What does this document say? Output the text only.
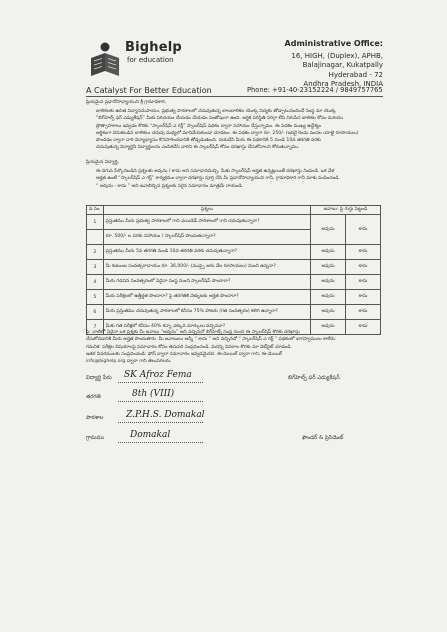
Bighelp
for education
A Catalyst For Better Education
Administrative Office:
16, HIGH, (Duplex), APHB,
Balajinagar, Kukatpally
Hyderabad - 72
Andhra Pradesh, INDIA
Phone: +91-40-23152224 / 9849757765
ప్రియమైన ప్రధానోపాధ్యాయుని శ్రీ గ్రామాధికారి,
బాలికలకు ఉచిత విద్యాసదుపాయం, ప్రభుత్వ పాఠశాలలో చదువుతున్న బాలబాలికల యొక్క విద్యకు తోడ్పాటునందించే సంస్థ మా యొక్క
“బిగ్‌హెల్ప్ ఫర్ ఎడ్యుకేషన్” మీకు పరిచయం చేయడం చేయడం సంతోషంగా ఉంది. ఆర్థిక పరిస్థితి సరిగ్గా లేని నిరుపేద బాలికల కోసం మరియు
ప్రోత్సాహకాలు ఇవ్వడం కొరకు “స్కాలర్‌షిప్ ఎ గర్ల్” స్కాలర్‌షిప్ పథకం ద్వారా సహాయం చేస్తున్నాము. ఈ పథకం ముఖ్య ఉద్దేశ్యం
ఆర్థికంగా వెనుకబడిన బాలికలు చదువు మధ్యలో మానివేయకుండా చూడటం. ఈ పథకం ద్వారా రూ. 250/- (ఇరవై రెండు వందల యాభై రూపాయలు)
పొందడం ద్వారా వారి విద్యాభ్యాసం కొనసాగించడానికి తోడ్పడుతుంది. దయచేసి మీరు ఈ పథకానికి 5 నుండి 10వ తరగతి వరకు
చదువుతున్న విద్యార్థినీ విద్యార్థులను ఎంపికచేసి వారిని ఈ స్కాలర్‌షిప్ కోసం దరఖాస్తు చేసుకోవాలని కోరుతున్నాము.
ప్రియమైన విద్యార్థి,
ఈ దిగువ పేర్కొనబడిన ప్రశ్నలకు అవును / కాదు అని సమాధానమిచ్చి, మీకు స్కాలర్‌షిప్ అర్హత ఉన్నట్లయితే దరఖాస్తు నింపండి. ఒక వేళ
అర్హత ఉంటే “స్కాలర్‌షిప్ ఎ గర్ల్” కార్యక్రమం ద్వారా దరఖాస్తు పూర్తి చేసి మీ ప్రధానోపాధ్యాయుని గానీ, గ్రామాధికారి గానీ మాకు పంపించండి.
“ అవును - కాదు ” అని జవాబిచ్చిన ప్రశ్నలకు సరైన సమాధానం మాత్రమే రాయండి.
వ.సం.	ప్రశ్నలు	జవాబు: పై గుర్తు పెట్టండి	
1	ప్రస్తుతము మీరు ప్రభుత్వ పాఠశాలలో గాని ఎయిడెడ్ పాఠశాలలో గాని చదువుతున్నారా?	అవును	కాదు
	రూ. 500/- ల వరకు సహాయం / స్కాలర్‌షిప్ పొందుతున్నారా?		
2	ప్రస్తుతము మీరు 5వ తరగతి నుండి 10వ తరగతి వరకు చదువుతున్నారా?	అవును	కాదు
3	మీ కుటుంబ సంవత్సరాదాయం రూ. 36,000/- (ముప్పై ఆరు వేల రూపాయలు) మించి ఉన్నదా?	అవును	కాదు
4	మీరు గడచిన సంవత్సరంలో ఏదైనా సంస్థ నుంచి స్కాలర్‌షిప్ పొందారా?	అవును	కాదు
5	మీరు పరీక్షలలో ఉత్తీర్ణత పొందారా? పై తరగతికి వెళ్ళుటకు అర్హత పొందారా?	అవును	కాదు
6	మీరు ప్రస్తుతము చదువుతున్న పాఠశాలలో కనీసం 75% హాజరు (గత సంవత్సరం) కలిగి ఉన్నారా?	అవును	కాదు
7	మీకు గత పరీక్షలో కనీసం 40% కన్నా ఎక్కువ మార్కులు వచ్చినవా?	అవును	కాదు
పై: వాటిలో ఏవైనా ఒక ప్రశ్నకు మీ జవాబు “అవును” అని వచ్చినచో బిగ్‌హెల్ప్ సంస్థ నుంచి ఈ స్కాలర్‌షిప్ కొరకు దరఖాస్తు
చేసుకోవడానికి మీరు అర్హత పొందుతారు. మీ జవాబులు అన్నీ “ కాదు ” అని వచ్చినచో “ స్కాలర్‌షిప్ ఎ గర్ల్ ” పథకంలో భాగస్వాములు కాలేరు.
గమనిక: పరీక్షల విషయాలపై సమాచారం కోసం తదుపరి సంప్రదించండి. మరిన్ని వివరాల కొరకు మా వెబ్‌సైట్ చూడండి.
ఇతర వివరములకు సంప్రదించండి: ఫోన్ ద్వారా సమాచారం ఇవ్వడమైనది. ఈ-మెయిల్ ద్వారా గాని, ఈ-మెయిల్
info@bighelp.org ద్వారా గాని తెలుపగలరు.
విద్యార్థి పేరు SK Afroz Fema
తరగతి	8th (VIII)
పాఠశాల	Z.P.H.S. Domakal
గ్రామము	Domakal
బిగ్‌హెల్ప్ ఫర్ ఎడ్యుకేషన్
ఫౌండర్ & ప్రెసిడెంట్
